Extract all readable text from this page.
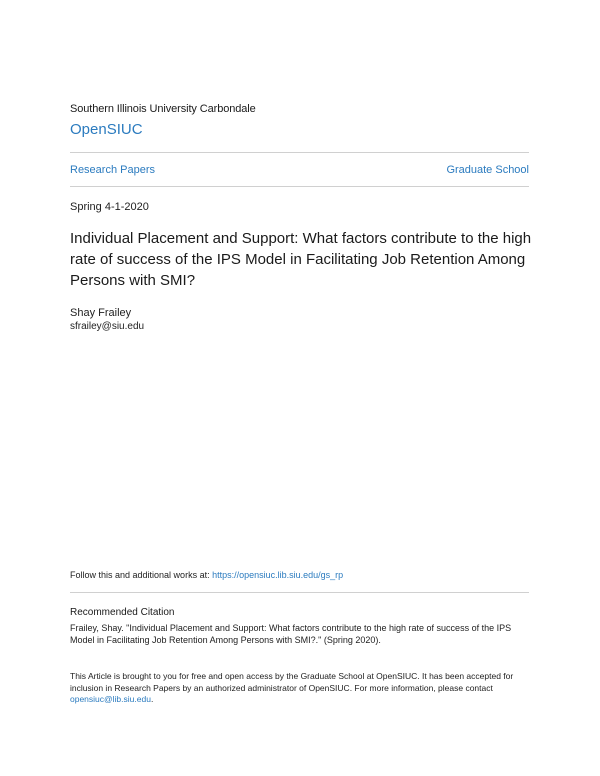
Southern Illinois University Carbondale
OpenSIUC
Research Papers	Graduate School
Spring 4-1-2020
Individual Placement and Support: What factors contribute to the high rate of success of the IPS Model in Facilitating Job Retention Among Persons with SMI?
Shay Frailey
sfrailey@siu.edu
Follow this and additional works at: https://opensiuc.lib.siu.edu/gs_rp
Recommended Citation
Frailey, Shay. "Individual Placement and Support: What factors contribute to the high rate of success of the IPS Model in Facilitating Job Retention Among Persons with SMI?." (Spring 2020).
This Article is brought to you for free and open access by the Graduate School at OpenSIUC. It has been accepted for inclusion in Research Papers by an authorized administrator of OpenSIUC. For more information, please contact opensiuc@lib.siu.edu.
